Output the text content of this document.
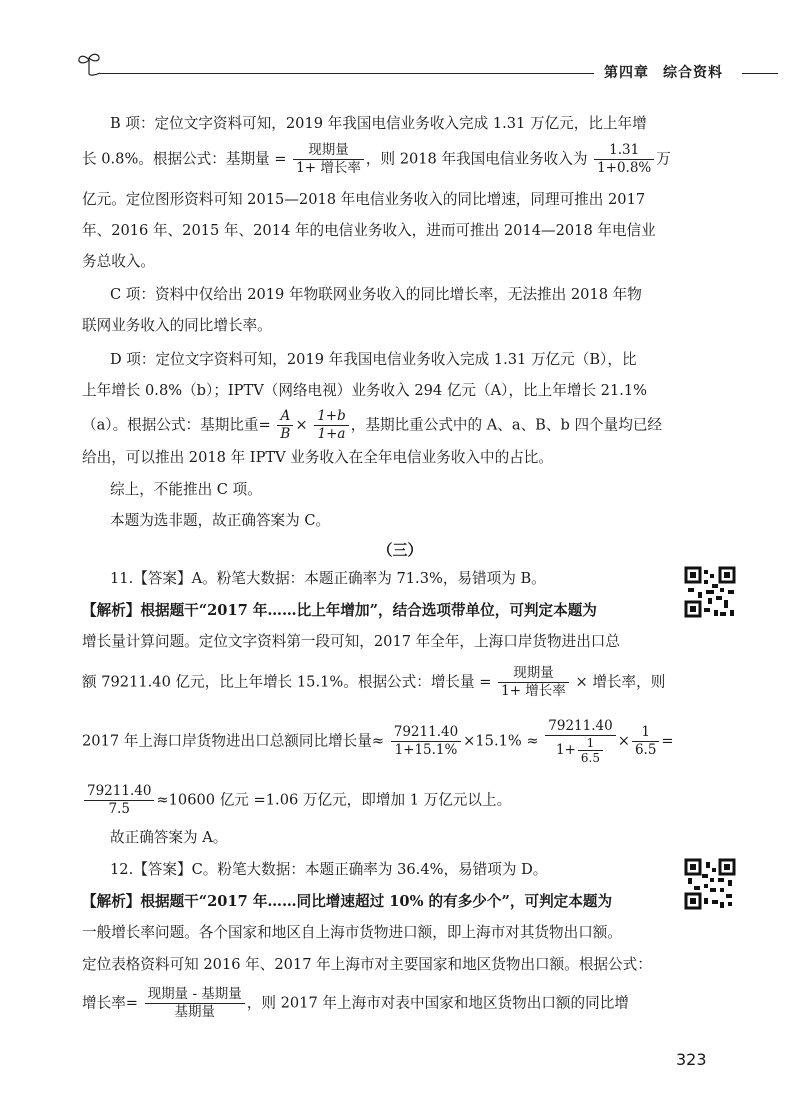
第四章 综合资料
B 项：定位文字资料可知，2019 年我国电信业务收入完成 1.31 万亿元，比上年增
长 0.8%。根据公式：基期量 = $\frac{\text{现期量}}{\text{1+ 增长率}}$ ，则 2018 年我国电信业务收入为 $\frac{1.31}{1+0.8\%}$ 万
亿元。定位图形资料可知 2015—2018 年电信业务收入的同比增速，同理可推出 2017
年、2016 年、2015 年、2014 年的电信业务收入，进而可推出 2014—2018 年电信业
务总收入。
C 项：资料中仅给出 2019 年物联网业务收入的同比增长率，无法推出 2018 年物
联网业务收入的同比增长率。
D 项：定位文字资料可知，2019 年我国电信业务收入完成 1.31 万亿元（B），比
上年增长 0.8%（b）；IPTV（网络电视）业务收入 294 亿元（A），比上年增长 21.1%
（a）。根据公式：基期比重= $\frac{A}{B} \times \frac{1+b}{1+a}$ ，基期比重公式中的 A、a、B、b 四个量均已经
给出，可以推出 2018 年 IPTV 业务收入在全年电信业务收入中的占比。
综上，不能推出 C 项。
本题为选非题，故正确答案为 C。
（三）
11.【答案】A。粉笔大数据：本题正确率为 71.3%，易错项为 B。
【解析】根据题干“2017 年……比上年增加”，结合选项带单位，可判定本题为
增长量计算问题。定位文字资料第一段可知，2017 年全年，上海口岸货物进出口总
额 79211.40 亿元，比上年增长 15.1%。根据公式：增长量 = $\frac{\text{现期量}}{\text{1+ 增长率}}$ × 增长率，则
2017 年上海口岸货物进出口总额同比增长量≈ $\frac{79211.40}{1+15.1\%} \times 15.1\% \approx \frac{79211.40}{1+ \frac{1}{6.5}} \times \frac{1}{6.5}$ =
$\frac{79211.40}{7.5} \approx 10600$ 亿元 =1.06 万亿元，即增加 1 万亿元以上。
故正确答案为 A。
12.【答案】C。粉笔大数据：本题正确率为 36.4%，易错项为 D。
【解析】根据题干“2017 年……同比增速超过 10% 的有多少个”，可判定本题为
一般增长率问题。各个国家和地区自上海市货物进口额，即上海市对其货物出口额。
定位表格资料可知 2016 年、2017 年上海市对主要国家和地区货物出口额。根据公式：
增长率= $\frac{\text{现期量 - 基期量}}{\text{基期量}}$ ，则 2017 年上海市对表中国家和地区货物出口额的同比增
323
